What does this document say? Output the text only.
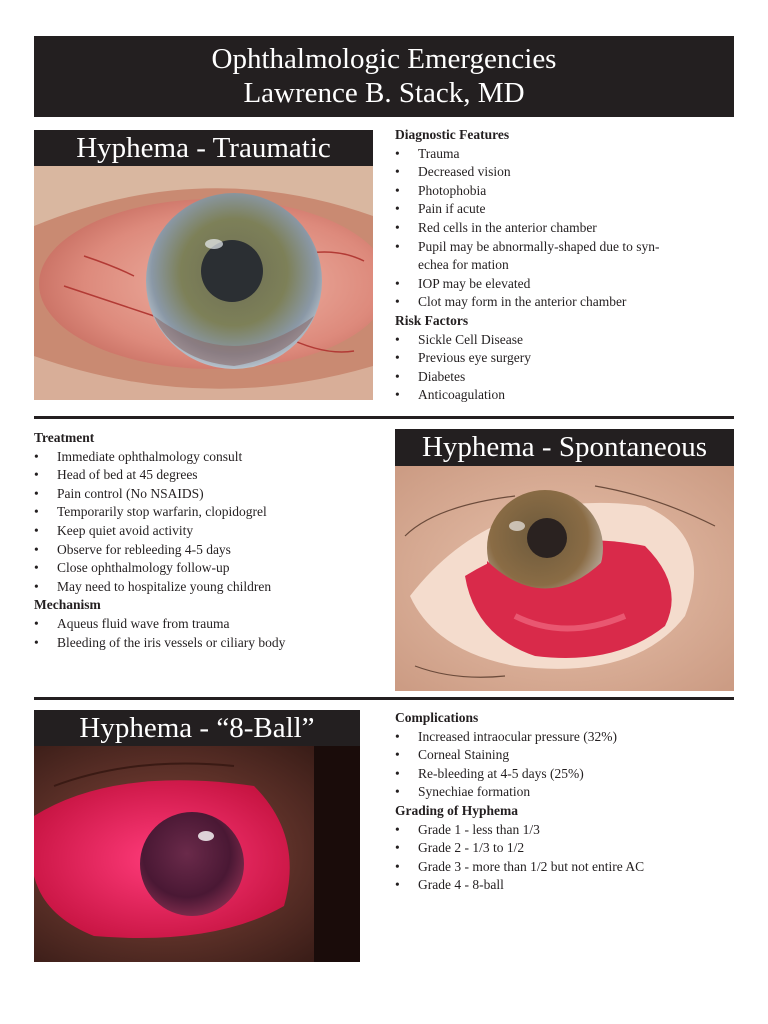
Ophthalmologic Emergencies
Lawrence B. Stack, MD
Hyphema - Traumatic	Diagnostic Features
• Trauma
• Decreased vision
• Photophobia
• Pain if acute
• Red cells in the anterior chamber
• Pupil may be abnormally-shaped due to syn-echea for mation
• IOP may be elevated
• Clot may form in the anterior chamber
Risk Factors
• Sickle Cell Disease
• Previous eye surgery
• Diabetes
• Anticoagulation
Treatment
• Immediate ophthalmology consult
• Head of bed at 45 degrees
• Pain control (No NSAIDS)
• Temporarily stop warfarin, clopidogrel
• Keep quiet avoid activity
• Observe for rebleeding 4-5 days
• Close ophthalmology follow-up
• May need to hospitalize young children
Mechanism
• Aqueus fluid wave from trauma
• Bleeding of the iris vessels or ciliary body
Hyphema - Spontaneous
Hyphema - “8-Ball”	Complications
• Increased intraocular pressure (32%)
• Corneal Staining
• Re-bleeding at 4-5 days (25%)
• Synechiae formation
Grading of Hyphema
• Grade 1 - less than 1/3
• Grade 2 - 1/3 to 1/2
• Grade 3 - more than 1/2 but not entire AC
• Grade 4 - 8-ball
